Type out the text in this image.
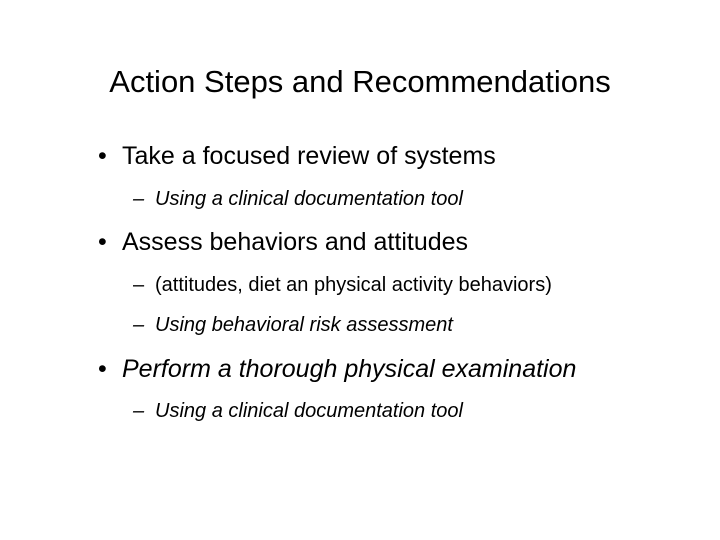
Action Steps and Recommendations
• Take a focused review of systems
– Using a clinical documentation tool
• Assess behaviors and attitudes
– (attitudes, diet an physical activity behaviors)
– Using behavioral risk assessment
• Perform a thorough physical examination
– Using a clinical documentation tool
